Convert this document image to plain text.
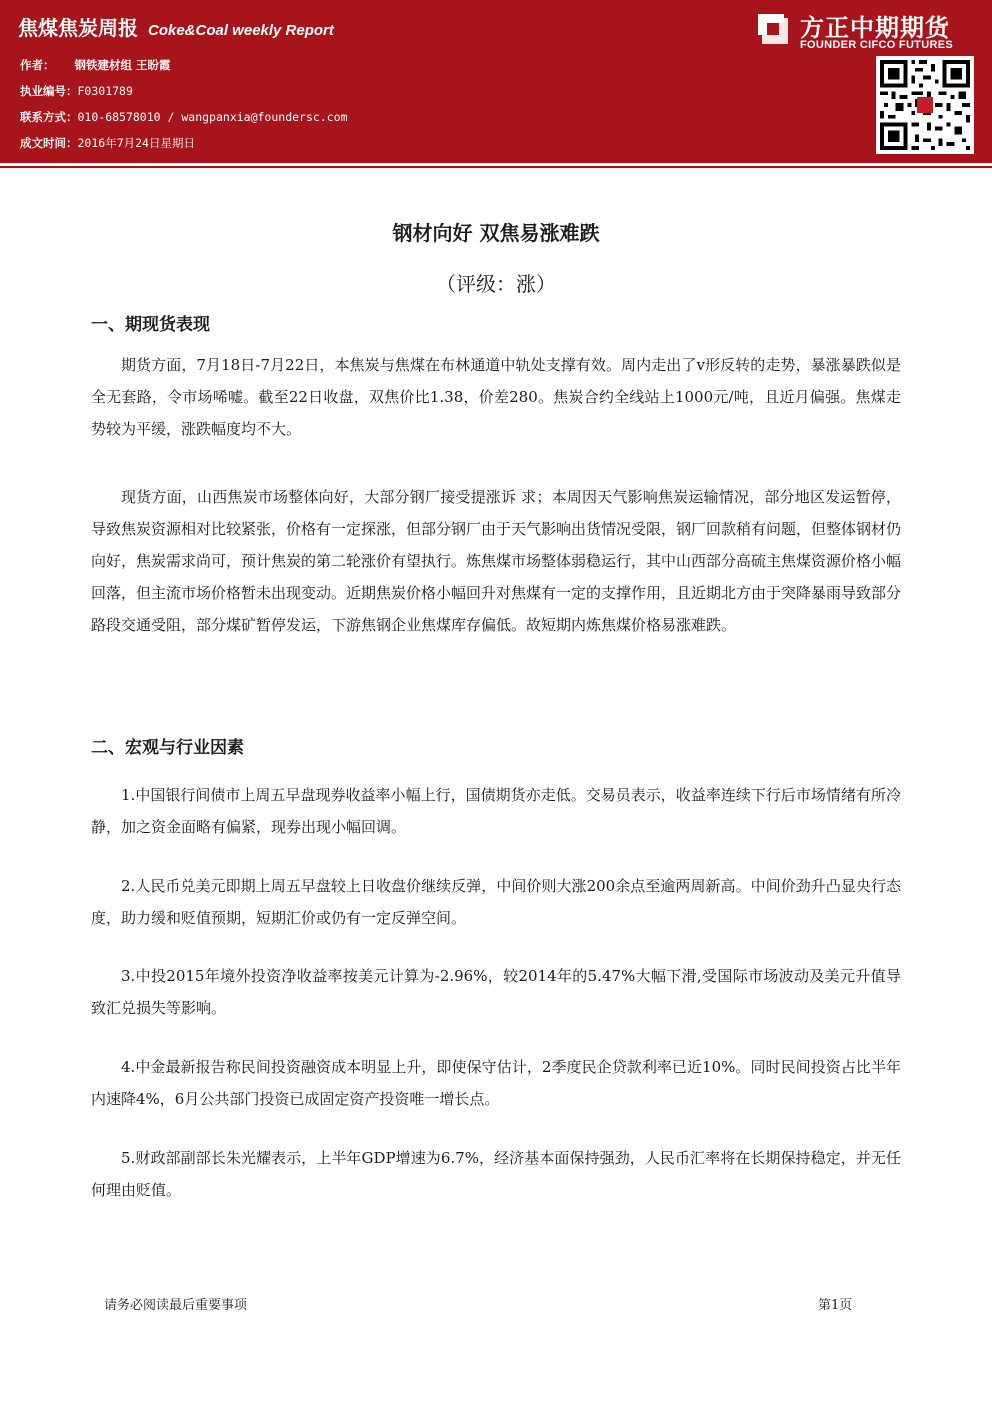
焦煤焦炭周报 Coke&Coal weekly Report
作者： 钢铁建材组 王盼霞
执业编号：F0301789
联系方式：010-68578010 / wangpanxia@foundersc.com
成文时间：2016年7月24日星期日
方正中期期货
FOUNDER CIFCO FUTURES
钢材向好 双焦易涨难跌
（评级：涨）
一、期现货表现

期货方面，7月18日-7月22日，本焦炭与焦煤在布林通道中轨处支撑有效。周内走出了v形反转的走势，暴涨暴跌似是全无套路，令市场唏嘘。截至22日收盘，双焦价比1.38，价差280。焦炭合约全线站上1000元/吨，且近月偏强。焦煤走势较为平缓，涨跌幅度均不大。

现货方面，山西焦炭市场整体向好，大部分钢厂接受提涨诉 求；本周因天气影响焦炭运输情况，部分地区发运暂停，导致焦炭资源相对比较紧张，价格有一定探涨，但部分钢厂由于天气影响出货情况受限，钢厂回款稍有问题，但整体钢材仍向好，焦炭需求尚可，预计焦炭的第二轮涨价有望执行。炼焦煤市场整体弱稳运行，其中山西部分高硫主焦煤资源价格小幅回落，但主流市场价格暂未出现变动。近期焦炭价格小幅回升对焦煤有一定的支撑作用，且近期北方由于突降暴雨导致部分路段交通受阻，部分煤矿暂停发运，下游焦钢企业焦煤库存偏低。故短期内炼焦煤价格易涨难跌。

二、宏观与行业因素

1.中国银行间债市上周五早盘现券收益率小幅上行，国债期货亦走低。交易员表示，收益率连续下行后市场情绪有所冷静，加之资金面略有偏紧，现券出现小幅回调。

2.人民币兑美元即期上周五早盘较上日收盘价继续反弹，中间价则大涨200余点至逾两周新高。中间价劲升凸显央行态度，助力缓和贬值预期，短期汇价或仍有一定反弹空间。

3.中投2015年境外投资净收益率按美元计算为-2.96%，较2014年的5.47%大幅下滑,受国际市场波动及美元升值导致汇兑损失等影响。

4.中金最新报告称民间投资融资成本明显上升，即使保守估计，2季度民企贷款利率已近10%。同时民间投资占比半年内速降4%，6月公共部门投资已成固定资产投资唯一增长点。

5.财政部副部长朱光耀表示，上半年GDP增速为6.7%，经济基本面保持强劲，人民币汇率将在长期保持稳定，并无任何理由贬值。

请务必阅读最后重要事项	第1页
